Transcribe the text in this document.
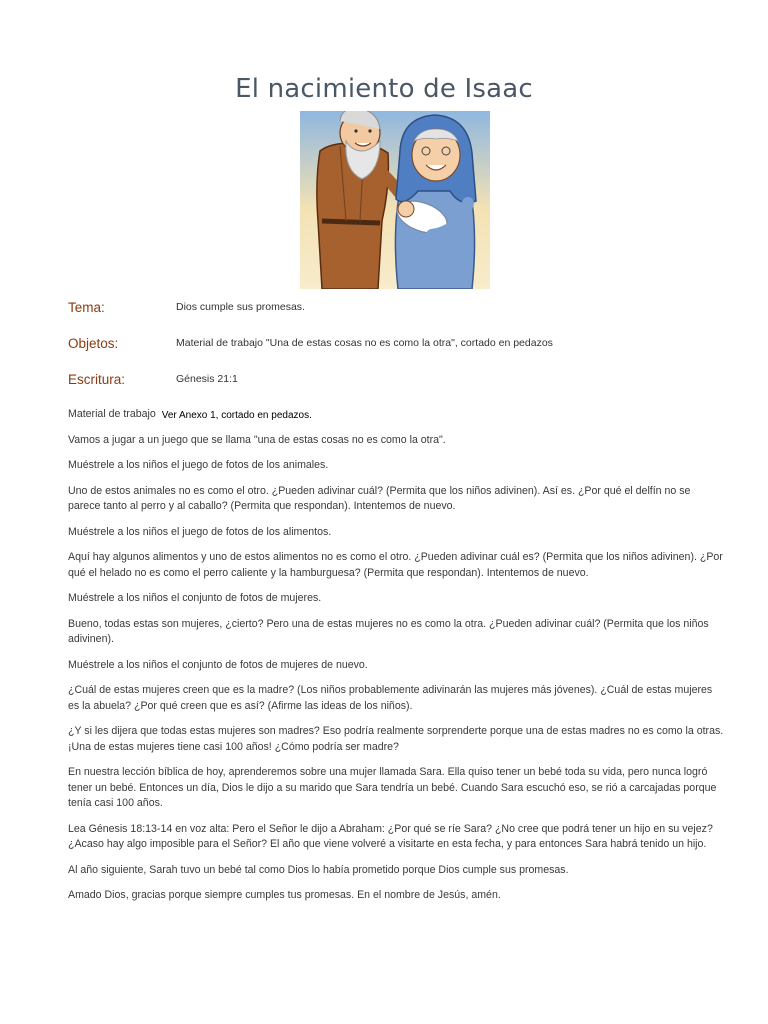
El nacimiento de Isaac
Tema:	Dios cumple sus promesas.
Objetos:	Material de trabajo "Una de estas cosas no es como la otra", cortado en pedazos
Escritura:	Génesis 21:1

Material de trabajo Ver Anexo 1, cortado en pedazos.

Vamos a jugar a un juego que se llama "una de estas cosas no es como la otra".

Muéstrele a los niños el juego de fotos de los animales.

Uno de estos animales no es como el otro. ¿Pueden adivinar cuál? (Permita que los niños adivinen). Así es. ¿Por qué el delfín no se parece tanto al perro y al caballo? (Permita que respondan). Intentemos de nuevo.

Muéstrele a los niños el juego de fotos de los alimentos.

Aquí hay algunos alimentos y uno de estos alimentos no es como el otro. ¿Pueden adivinar cuál es? (Permita que los niños adivinen). ¿Por qué el helado no es como el perro caliente y la hamburguesa? (Permita que respondan). Intentemos de nuevo.

Muéstrele a los niños el conjunto de fotos de mujeres.

Bueno, todas estas son mujeres, ¿cierto? Pero una de estas mujeres no es como la otra. ¿Pueden adivinar cuál? (Permita que los niños adivinen).

Muéstrele a los niños el conjunto de fotos de mujeres de nuevo.

¿Cuál de estas mujeres creen que es la madre? (Los niños probablemente adivinarán las mujeres más jóvenes). ¿Cuál de estas mujeres es la abuela? ¿Por qué creen que es así? (Afirme las ideas de los niños).

¿Y si les dijera que todas estas mujeres son madres? Eso podría realmente sorprenderte porque una de estas madres no es como la otras. ¡Una de estas mujeres tiene casi 100 años! ¿Cómo podría ser madre?

En nuestra lección bíblica de hoy, aprenderemos sobre una mujer llamada Sara. Ella quiso tener un bebé toda su vida, pero nunca logró tener un bebé. Entonces un día, Dios le dijo a su marido que Sara tendría un bebé. Cuando Sara escuchó eso, se rió a carcajadas porque tenía casi 100 años.

Lea Génesis 18:13-14 en voz alta: Pero el Señor le dijo a Abraham: ¿Por qué se ríe Sara? ¿No cree que podrá tener un hijo en su vejez? ¿Acaso hay algo imposible para el Señor? El año que viene volveré a visitarte en esta fecha, y para entonces Sara habrá tenido un hijo.

Al año siguiente, Sarah tuvo un bebé tal como Dios lo había prometido porque Dios cumple sus promesas.

Amado Dios, gracias porque siempre cumples tus promesas. En el nombre de Jesús, amén.
